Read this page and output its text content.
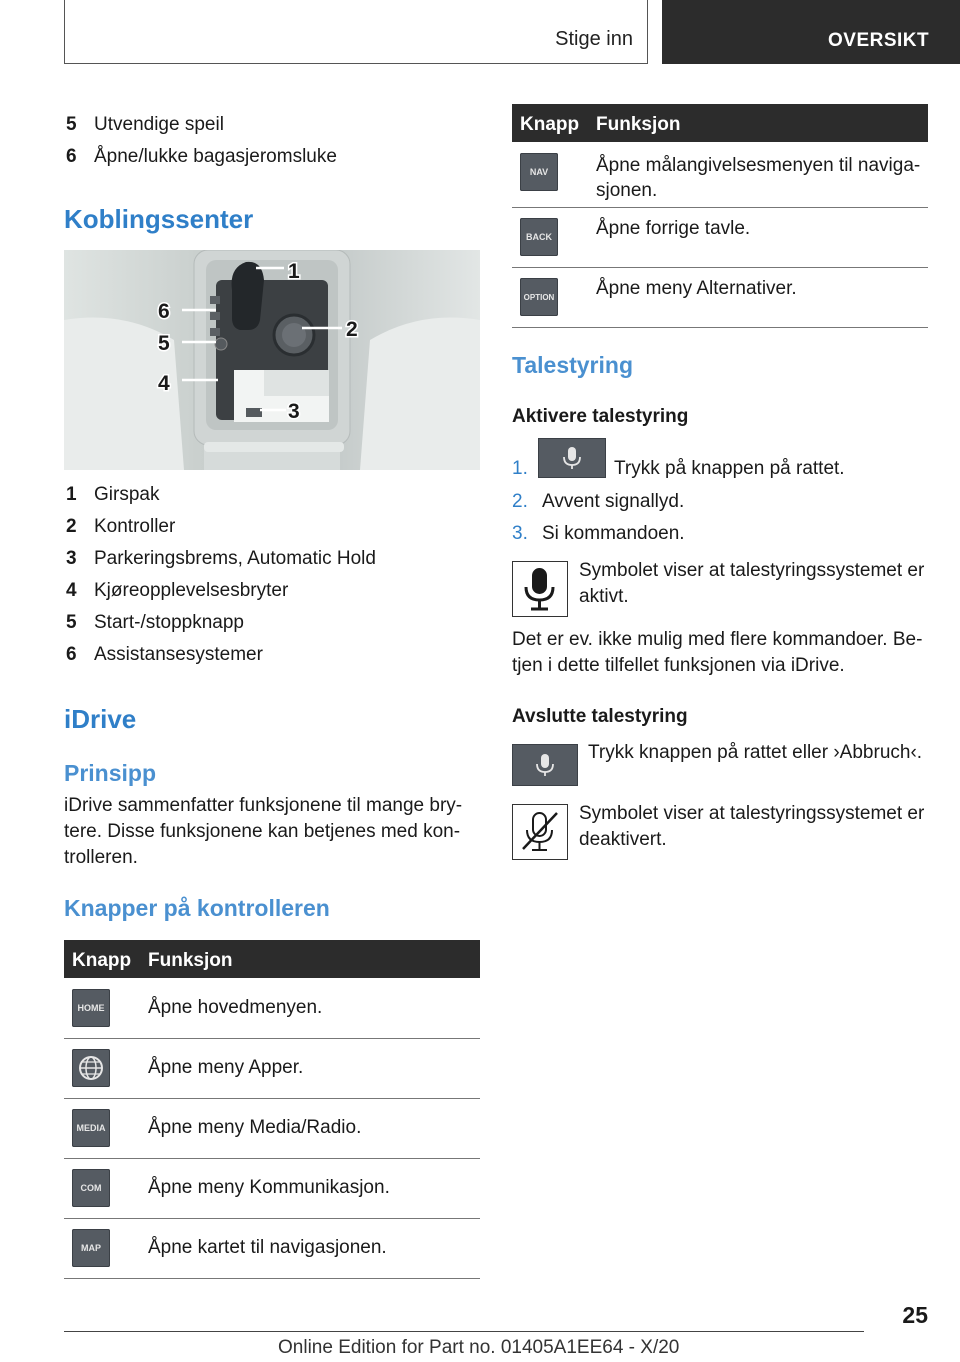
Stige inn	OVERSIKT
5 Utvendige speil
6 Åpne/lukke bagasjeromsluke
Koblingssenter
1
2
3
4
5
6
1 Girspak
2 Kontroller
3 Parkeringsbrems, Automatic Hold
4 Kjøreopplevelsesbryter
5 Start-/stoppknapp
6 Assistansesystemer
iDrive
Prinsipp
iDrive sammenfatter funksjonene til mange bry-
tere. Disse funksjonene kan betjenes med kon-
trolleren.
Knapper på kontrolleren
Knapp Funksjon
HOME Åpne hovedmenyen.
Åpne meny Apper.
MEDIA Åpne meny Media/Radio.
COM	Åpne meny Kommunikasjon.
MAP	Åpne kartet til navigasjonen.
Knapp Funksjon
NAV	Åpne målangivelsesmenyen til naviga-
sjonen.
BACK	Åpne forrige tavle.
OPTION Åpne meny Alternativer.
Talestyring
Aktivere talestyring
1.	Trykk på knappen på rattet.
2. Avvent signallyd.
3. Si kommandoen.
Symbolet viser at talestyringssystemet er
aktivt.
Det er ev. ikke mulig med flere kommandoer. Be-
tjen i dette tilfellet funksjonen via iDrive.
Avslutte talestyring
Trykk knappen på rattet eller ›Abbruch‹.
Symbolet viser at talestyringssystemet er
deaktivert.
25
Online Edition for Part no. 01405A1EE64 - X/20
